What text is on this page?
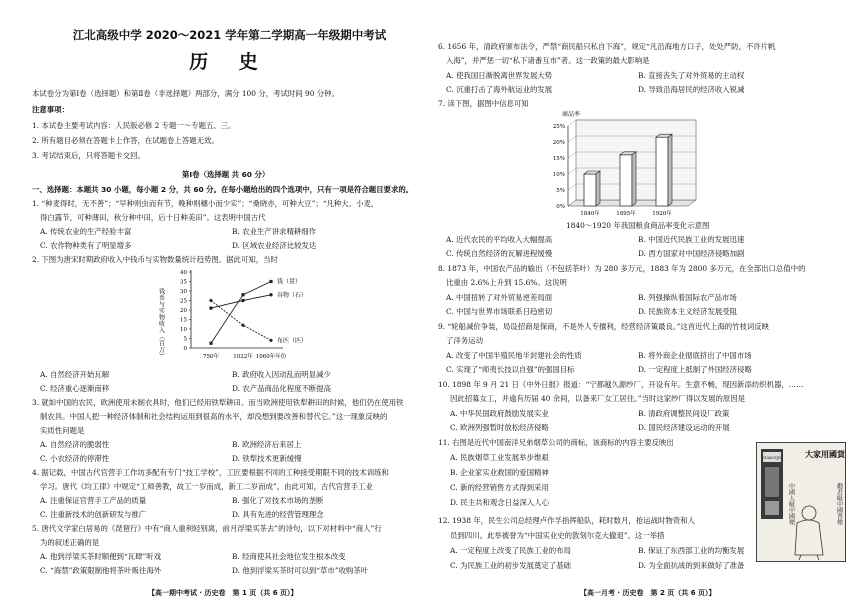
江北高级中学 2020～2021 学年第二学期高一年级期中考试
历 史
本试卷分为第Ⅰ卷（选择题）和第Ⅱ卷（非选择题）两部分，满分 100 分，考试时间 90 分钟。
注意事项：
1. 本试卷主要考试内容：人民版必修 2 专题一～专题五、三。
2. 所有题目必须在答题卡上作答，在试题卷上答题无效。
3. 考试结束后，只将答题卡交回。
第Ⅰ卷（选择题 共 60 分）
一、选择题：本题共 30 小题，每小题 2 分，共 60 分。在每小题给出的四个选项中，只有一项是符合题目要求的。
1. “种麦得时，无不善”；“早种则虫而有节，晚种则穗小而少实”；“桑晓亦，可种大豆”；“凡种大、小麦，
得白露节，可种薄田，秋分种中田，后十日种美田”。这表明中国古代
A. 传统农业的生产经验丰富	B. 农业生产讲求精耕细作
C. 农作物种类有了明显增多	D. 区域农业经济比较发达
2. 下图为唐宋时期政府收入中钱币与实物数量统计趋势图。据此可知，当时
0
5
10
15
20
25
30
35
40
钱币与实物收入（百万）	750年	1022年 1060年年份
钱（贯）
谷物（石）
布匹（匹）
A. 自然经济开始瓦解	B. 政府收入因动乱而明显减少
C. 经济重心逐渐南移	D. 农产品商品化程度不断提高
3. 就如中国的农民，欧洲使用未制衣具时，他们已经用铁犁耕田。而当欧洲使用铁犁耕田的时候，他们仍在使用铁
制农具。中国人把一种经济体制和社会结构运用到很高的水平，却没想到要改善和替代它。”这一现象反映的
实质性问题是
A. 自然经济的脆弱性	B. 欧洲经济后来居上
C. 小农经济的停滞性	D. 铁犁技术更新缓慢
4. 据记载，中国古代官营手工作坊多配有专门“技工学校”，工匠要根据不同的工种接受期限不同的技术训练和
学习。唐代《均工律》中规定“工师善教，故工一岁而成，新工二岁而成”。由此可知，古代官营手工业
A. 注重保证官营手工产品的质量	B. 强化了对技术市场的垄断
C. 注重新技术的创新研发与推广	D. 具有先进的经营管理理念
5. 唐代文学家白居易的《琵琶行》中有“商人重利轻别离，前月浮梁买茶去”的诗句，以下对材料中“商人”行
为的叙述正确的是
A. 他到浮梁买茶时顺便到“瓦肆”听戏	B. 经商使其社会地位发生根本改变
C. “海禁”政策限制他将茶叶贩往海外	D. 他到浮梁买茶时可以到“草市”收购茶叶
6. 1656 年，清政府颁布法令，严禁“商民船只私自下海”，规定“凡沿海地方口子，处处严防，不许片帆
入海”，并严惩一切“私下诸番互市”者。这一政策的最大影响是
A. 使我国日渐脱离世界发展大势	B. 直接丧失了对外贸易的主动权
C. 沉重打击了海外航运业的发展	D. 导致沿海居民的经济收入锐减
7. 读下图，据图中信息可知
0%
5%
10%
15%
20%
25%
商品率
1840年	1895年	1920年
1840～1920 年我国粮食商品率变化示意图
A. 近代农民的平均收入大幅提高	B. 中国近代民族工业的发展迅速
C. 传统自然经济的瓦解进程缓慢	D. 西方国家对中国经济侵略加剧
8. 1873 年，中国农产品的输出（不包括茶叶）为 280 多万元，1883 年为 2800 多万元，在全部出口总值中的
比重由 2.6%上升到 15.6%。这说明
A. 中国扭转了对外贸易逆差局面	B. 列强操纵着国际农产品市场
C. 中国与世界市场联系日趋密切	D. 民族资本主义经济发展受阻
9. “轮船减价争装，局设招商是保商，不是外人专擅利，经营经济策最良。”这首近代上海的竹枝词反映
了洋务运动
A. 改变了中国半殖民地半封建社会的性质	B. 将外商企业彻底挤出了中国市场
C. 实现了“师夷长技以自强”的强国目标	D. 一定程度上抵制了外国经济侵略
10. 1898 年 9 月 21 日《中外日报》报道：“宁都越久源纱厂，开设有年。生意不畅，现因新添纺织机器，……
因此招募女工，并逾有历届 40 余间，以备来厂女工居住。”当时这家纱厂得以发展的原因是
A. 中华民国政府鼓励发展实业	B. 清政府调整民间设厂政策
C. 欧洲列强暂时放松经济侵略	D. 国民经济建设运动的开展
11. 右图是近代中国南洋兄弟烟草公司的商标，该商标的内容主要反映出
A. 民族烟草工业发展举步维艰
B. 企业家实业救国的爱国精神
C. 新的经营销售方式得到采用
D. 民主共和观念日益深入人心
HUANGJIN	大家用國貨
勸君吸中國香煙
中國人吸中國煙
12. 1938 年，民生公司总经理卢作孚指挥船队，耗时数月，抢运战时物资和人
员到四川。此举被誉为“中国实业史的敦刻尔克大撤退”。这一举措
A. 一定程度上改变了民族工业的布局	B. 保证了东西部工业的均衡发展
C. 为民族工业的初步发展奠定了基础	D. 为全面抗战的到来做好了准备
【高一期中考试 · 历史卷　第 1 页（共 6 页）】	【高一月考 · 历史卷　第 2 页（共 6 页）】
